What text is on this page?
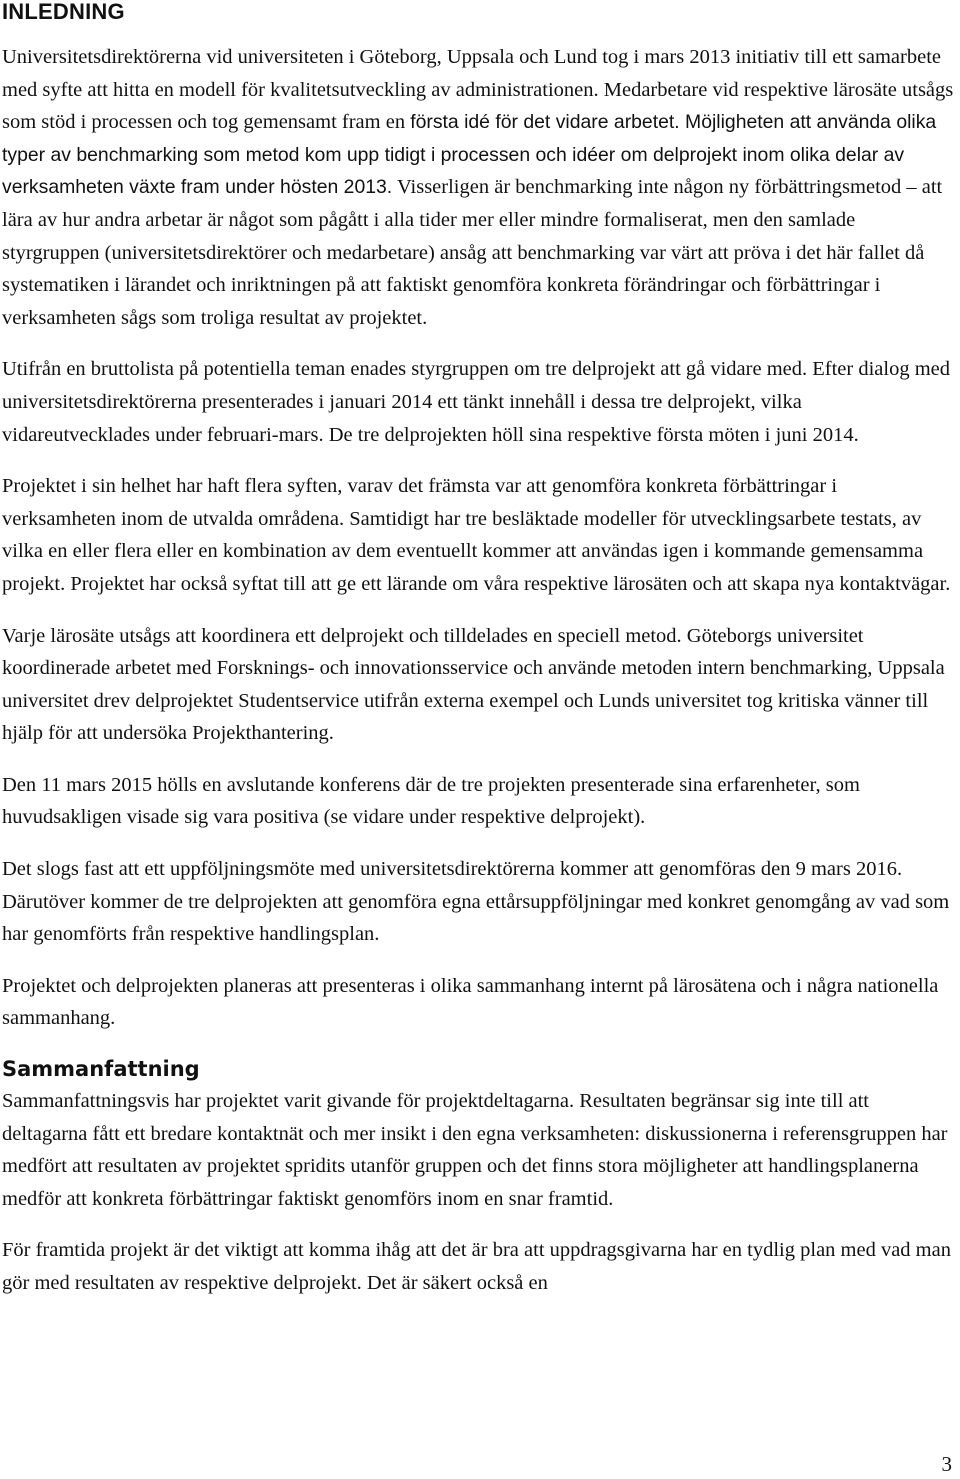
INLEDNING

Universitetsdirektörerna vid universiteten i Göteborg, Uppsala och Lund tog i mars 2013 initiativ till ett samarbete med syfte att hitta en modell för kvalitetsutveckling av administrationen. Medarbetare vid respektive lärosäte utsågs som stöd i processen och tog gemensamt fram en första idé för det vidare arbetet. Möjligheten att använda olika typer av benchmarking som metod kom upp tidigt i processen och idéer om delprojekt inom olika delar av verksamheten växte fram under hösten 2013. Visserligen är benchmarking inte någon ny förbättringsmetod – att lära av hur andra arbetar är något som pågått i alla tider mer eller mindre formaliserat, men den samlade styrgruppen (universitetsdirektörer och medarbetare) ansåg att benchmarking var värt att pröva i det här fallet då systematiken i lärandet och inriktningen på att faktiskt genomföra konkreta förändringar och förbättringar i verksamheten sågs som troliga resultat av projektet.

Utifrån en bruttolista på potentiella teman enades styrgruppen om tre delprojekt att gå vidare med. Efter dialog med universitetsdirektörerna presenterades i januari 2014 ett tänkt innehåll i dessa tre delprojekt, vilka vidareutvecklades under februari-mars. De tre delprojekten höll sina respektive första möten i juni 2014.

Projektet i sin helhet har haft flera syften, varav det främsta var att genomföra konkreta förbättringar i verksamheten inom de utvalda områdena. Samtidigt har tre besläktade modeller för utvecklingsarbete testats, av vilka en eller flera eller en kombination av dem eventuellt kommer att användas igen i kommande gemensamma projekt. Projektet har också syftat till att ge ett lärande om våra respektive lärosäten och att skapa nya kontaktvägar.

Varje lärosäte utsågs att koordinera ett delprojekt och tilldelades en speciell metod. Göteborgs universitet koordinerade arbetet med Forsknings- och innovationsservice och använde metoden intern benchmarking, Uppsala universitet drev delprojektet Studentservice utifrån externa exempel och Lunds universitet tog kritiska vänner till hjälp för att undersöka Projekthantering.

Den 11 mars 2015 hölls en avslutande konferens där de tre projekten presenterade sina erfarenheter, som huvudsakligen visade sig vara positiva (se vidare under respektive delprojekt).

Det slogs fast att ett uppföljningsmöte med universitetsdirektörerna kommer att genomföras den 9 mars 2016. Därutöver kommer de tre delprojekten att genomföra egna ettårsuppföljningar med konkret genomgång av vad som har genomförts från respektive handlingsplan.

Projektet och delprojekten planeras att presenteras i olika sammanhang internt på lärosätena och i några nationella sammanhang.

Sammanfattning

Sammanfattningsvis har projektet varit givande för projektdeltagarna. Resultaten begränsar sig inte till att deltagarna fått ett bredare kontaktnät och mer insikt i den egna verksamheten: diskussionerna i referensgruppen har medfört att resultaten av projektet spridits utanför gruppen och det finns stora möjligheter att handlingsplanerna medför att konkreta förbättringar faktiskt genomförs inom en snar framtid.

För framtida projekt är det viktigt att komma ihåg att det är bra att uppdragsgivarna har en tydlig plan med vad man gör med resultaten av respektive delprojekt. Det är säkert också en

3
